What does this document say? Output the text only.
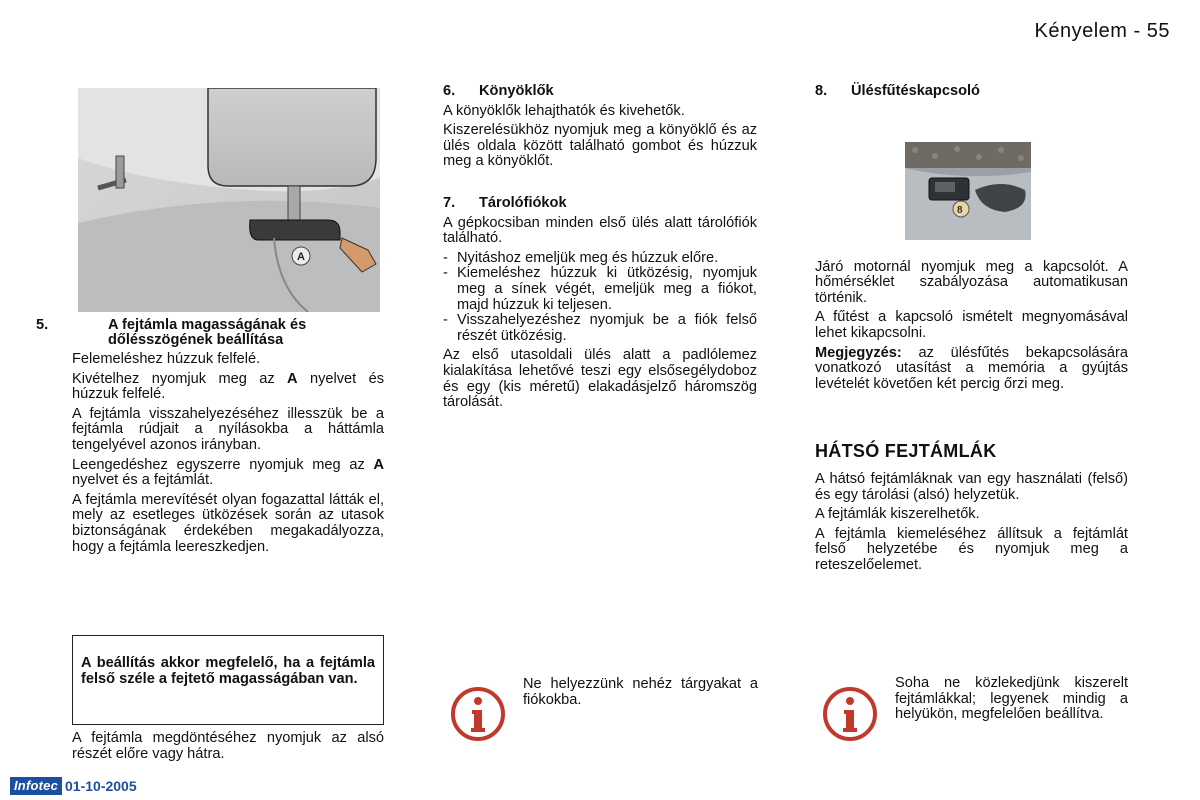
Kényelem - 55
A
5.	A fejtámla magasságának és dőlésszögének beállítása

Felemeléshez húzzuk felfelé.

Kivételhez nyomjuk meg az A nyelvet és húzzuk felfelé.

A fejtámla visszahelyezéséhez illesszük be a fejtámla rúdjait a nyílásokba a háttámla tengelyével azonos irányban.

Leengedéshez egyszerre nyomjuk meg az A nyelvet és a fejtámlát.

A fejtámla merevítését olyan fogazattal látták el, mely az esetleges ütközések során az utasok biztonságának érdekében megakadályozza, hogy a fejtámla leereszkedjen.

A beállítás akkor megfelelő, ha a fejtámla felső széle a fejtető magasságában van.
A fejtámla megdöntéséhez nyomjuk az alsó részét előre vagy hátra.
6. Könyöklők

A könyöklők lehajthatók és kivehetők.

Kiszerelésükhöz nyomjuk meg a könyöklő és az ülés oldala között található gombot és húzzuk meg a könyöklőt.

7. Tárolófiókok

A gépkocsiban minden első ülés alatt tárolófiók található.

- Nyitáshoz emeljük meg és húzzuk előre.
- Kiemeléshez húzzuk ki ütközésig, nyomjuk meg a sínek végét, emeljük meg a fiókot, majd húzzuk ki teljesen.
- Visszahelyezéshez nyomjuk be a fiók felső részét ütközésig.

Az első utasoldali ülés alatt a padlólemez kialakítása lehetővé teszi egy elsősegélydoboz és egy (kis méretű) elakadásjelző háromszög tárolását.

8
8. Ülésfűtéskapcsoló

Járó motornál nyomjuk meg a kapcsolót. A hőmérséklet szabályozása automatikusan történik.

A fűtést a kapcsoló ismételt megnyomásával lehet kikapcsolni.

Megjegyzés: az ülésfűtés bekapcsolására vonatkozó utasítást a memória a gyújtás levételét követően két percig őrzi meg.

HÁTSÓ FEJTÁMLÁK

A hátsó fejtámláknak van egy használati (felső) és egy tárolási (alsó) helyzetük.

A fejtámlák kiszerelhetők.

A fejtámla kiemeléséhez állítsuk a fejtámlát felső helyzetébe és nyomjuk meg a reteszelőelemet.

Ne helyezzünk nehéz tárgyakat a fiókokba.
Soha ne közlekedjünk kiszerelt fejtámlákkal; legyenek mindig a helyükön, megfelelően beállítva.
Infotec 01-10-2005
